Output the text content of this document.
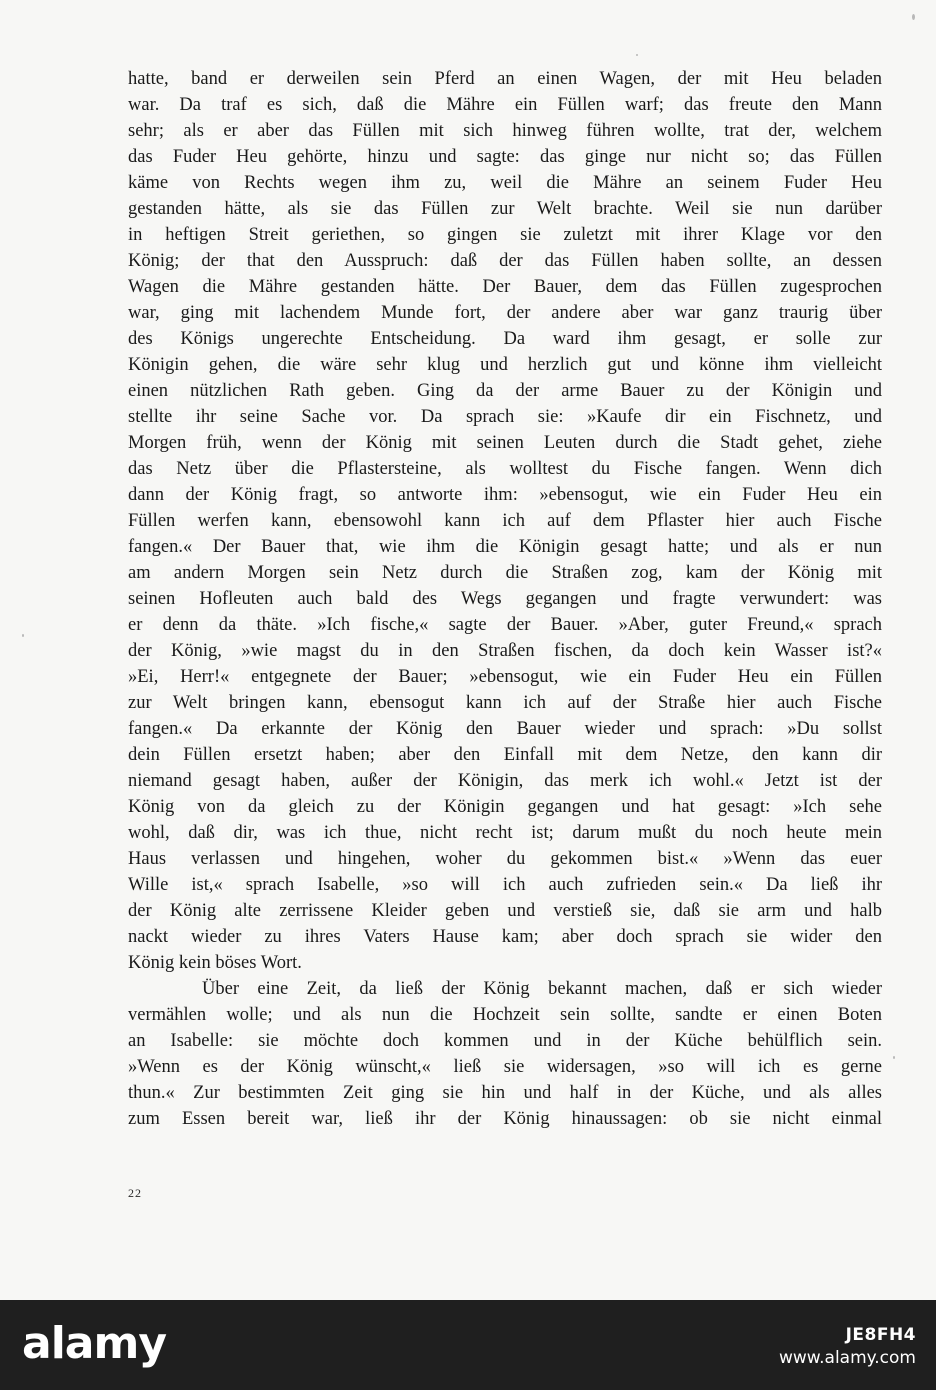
hatte, band er derweilen sein Pferd an einen Wagen, der mit Heu beladen
war. Da traf es sich, daß die Mähre ein Füllen warf; das freute den Mann
sehr; als er aber das Füllen mit sich hinweg führen wollte, trat der, welchem
das Fuder Heu gehörte, hinzu und sagte: das ginge nur nicht so; das Füllen
käme von Rechts wegen ihm zu, weil die Mähre an seinem Fuder Heu
gestanden hätte, als sie das Füllen zur Welt brachte. Weil sie nun darüber
in heftigen Streit geriethen, so gingen sie zuletzt mit ihrer Klage vor den
König; der that den Ausspruch: daß der das Füllen haben sollte, an dessen
Wagen die Mähre gestanden hätte. Der Bauer, dem das Füllen zugesprochen
war, ging mit lachendem Munde fort, der andere aber war ganz traurig über
des Königs ungerechte Entscheidung. Da ward ihm gesagt, er solle zur
Königin gehen, die wäre sehr klug und herzlich gut und könne ihm vielleicht
einen nützlichen Rath geben. Ging da der arme Bauer zu der Königin und
stellte ihr seine Sache vor. Da sprach sie: »Kaufe dir ein Fischnetz, und
Morgen früh, wenn der König mit seinen Leuten durch die Stadt gehet, ziehe
das Netz über die Pflastersteine, als wolltest du Fische fangen. Wenn dich
dann der König fragt, so antworte ihm: »ebensogut, wie ein Fuder Heu ein
Füllen werfen kann, ebensowohl kann ich auf dem Pflaster hier auch Fische
fangen.« Der Bauer that, wie ihm die Königin gesagt hatte; und als er nun
am andern Morgen sein Netz durch die Straßen zog, kam der König mit
seinen Hofleuten auch bald des Wegs gegangen und fragte verwundert: was
er denn da thäte. »Ich fische,« sagte der Bauer. »Aber, guter Freund,« sprach
der König, »wie magst du in den Straßen fischen, da doch kein Wasser ist?«
»Ei, Herr!« entgegnete der Bauer; »ebensogut, wie ein Fuder Heu ein Füllen
zur Welt bringen kann, ebensogut kann ich auf der Straße hier auch Fische
fangen.« Da erkannte der König den Bauer wieder und sprach: »Du sollst
dein Füllen ersetzt haben; aber den Einfall mit dem Netze, den kann dir
niemand gesagt haben, außer der Königin, das merk ich wohl.« Jetzt ist der
König von da gleich zu der Königin gegangen und hat gesagt: »Ich sehe
wohl, daß dir, was ich thue, nicht recht ist; darum mußt du noch heute mein
Haus verlassen und hingehen, woher du gekommen bist.« »Wenn das euer
Wille ist,« sprach Isabelle, »so will ich auch zufrieden sein.« Da ließ ihr
der König alte zerrissene Kleider geben und verstieß sie, daß sie arm und halb
nackt wieder zu ihres Vaters Hause kam; aber doch sprach sie wider den
König kein böses Wort.
Über eine Zeit, da ließ der König bekannt machen, daß er sich wieder
vermählen wolle; und als nun die Hochzeit sein sollte, sandte er einen Boten
an Isabelle: sie möchte doch kommen und in der Küche behülflich sein.
»Wenn es der König wünscht,« ließ sie widersagen, »so will ich es gerne
thun.« Zur bestimmten Zeit ging sie hin und half in der Küche, und als alles
zum Essen bereit war, ließ ihr der König hinaussagen: ob sie nicht einmal
22
alamy	JE8FH4
www.alamy.com
